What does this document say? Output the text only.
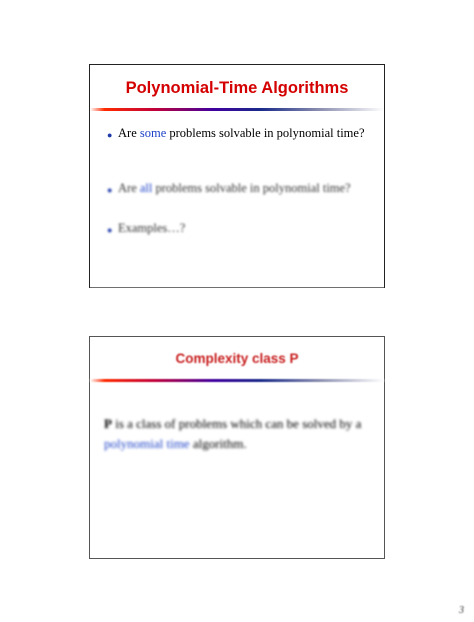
Polynomial-Time Algorithms
● Are some problems solvable in polynomial time?
● Are all problems solvable in polynomial time?
● Examples…?
Complexity class P
P is a class of problems which can be solved by a polynomial time algorithm.
3
